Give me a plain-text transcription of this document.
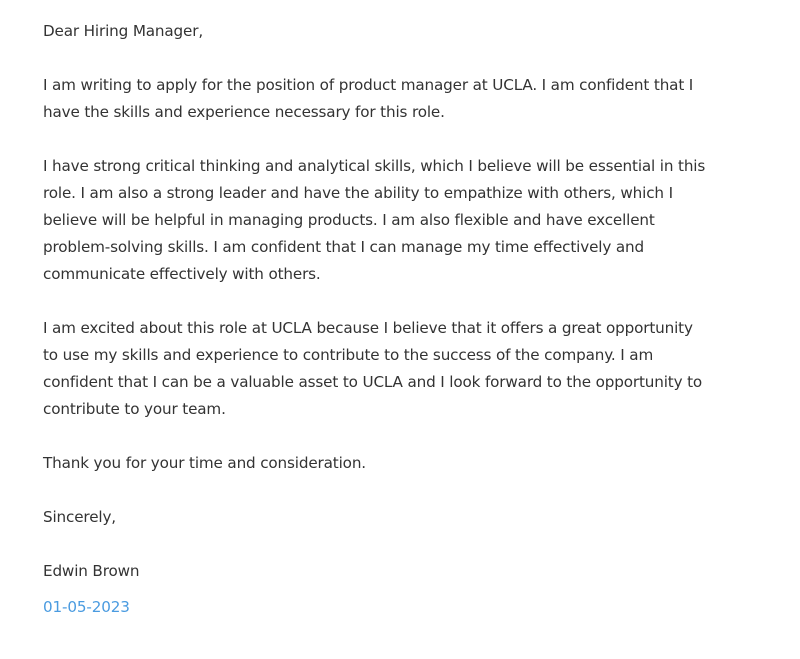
Dear Hiring Manager,
I am writing to apply for the position of product manager at UCLA. I am confident that I
have the skills and experience necessary for this role.
I have strong critical thinking and analytical skills, which I believe will be essential in this
role. I am also a strong leader and have the ability to empathize with others, which I
believe will be helpful in managing products. I am also flexible and have excellent
problem-solving skills. I am confident that I can manage my time effectively and
communicate effectively with others.
I am excited about this role at UCLA because I believe that it offers a great opportunity
to use my skills and experience to contribute to the success of the company. I am
confident that I can be a valuable asset to UCLA and I look forward to the opportunity to
contribute to your team.
Thank you for your time and consideration.
Sincerely,
Edwin Brown
01-05-2023
